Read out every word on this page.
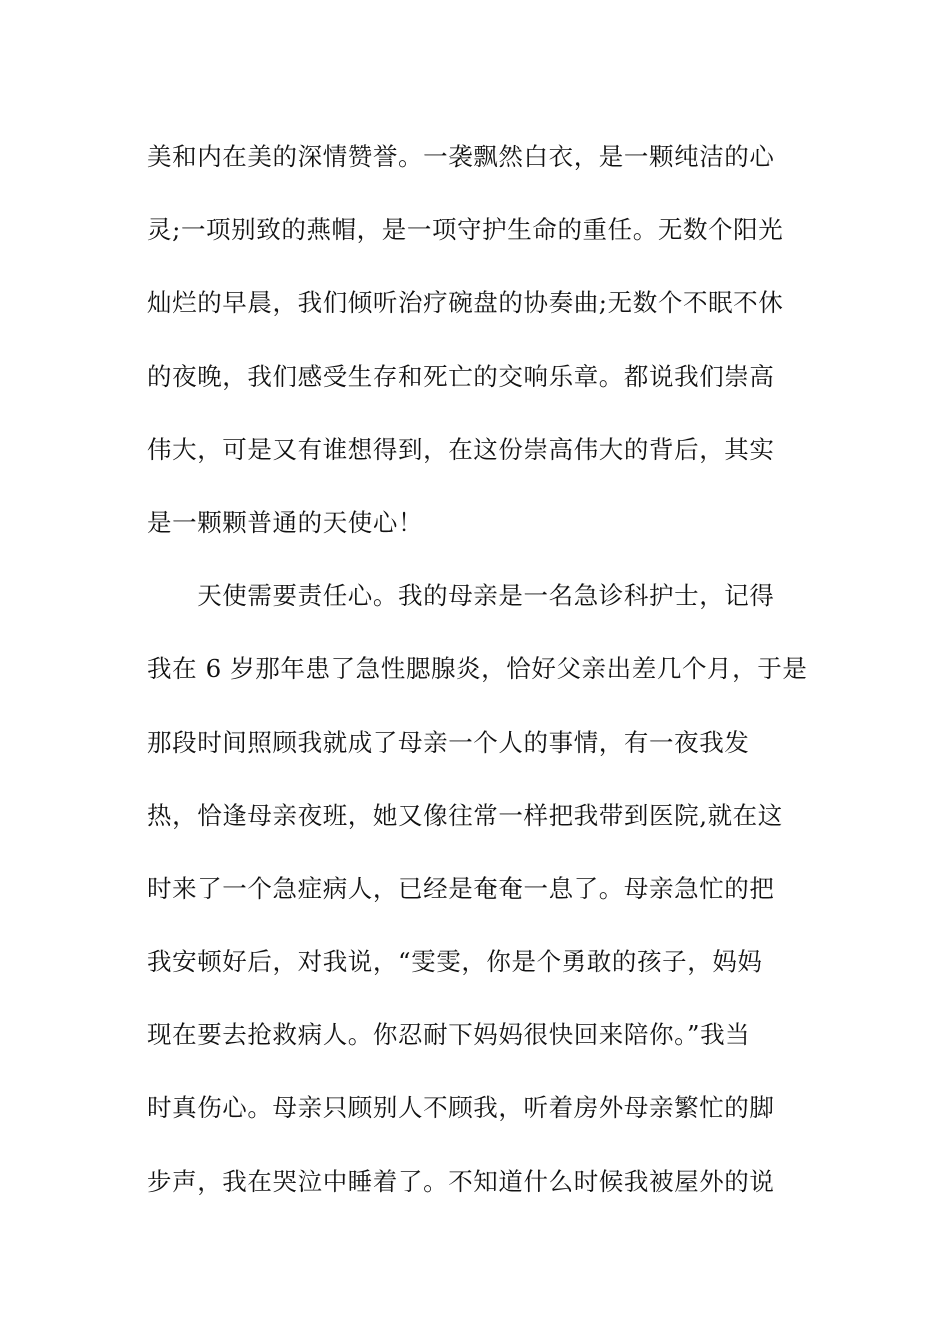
美和内在美的深情赞誉。一袭飘然白衣，是一颗纯洁的心
灵;一项别致的燕帽，是一项守护生命的重任。无数个阳光
灿烂的早晨，我们倾听治疗碗盘的协奏曲;无数个不眠不休
的夜晚，我们感受生存和死亡的交响乐章。都说我们崇高
伟大，可是又有谁想得到，在这份崇高伟大的背后，其实
是一颗颗普通的天使心！
　　天使需要责任心。我的母亲是一名急诊科护士，记得
我在 6 岁那年患了急性腮腺炎，恰好父亲出差几个月，于是
那段时间照顾我就成了母亲一个人的事情，有一夜我发
热，恰逢母亲夜班，她又像往常一样把我带到医院,就在这
时来了一个急症病人，已经是奄奄一息了。母亲急忙的把
我安顿好后，对我说，“雯雯，你是个勇敢的孩子，妈妈
现在要去抢救病人。你忍耐下妈妈很快回来陪你。”我当
时真伤心。母亲只顾别人不顾我，听着房外母亲繁忙的脚
步声，我在哭泣中睡着了。不知道什么时候我被屋外的说
